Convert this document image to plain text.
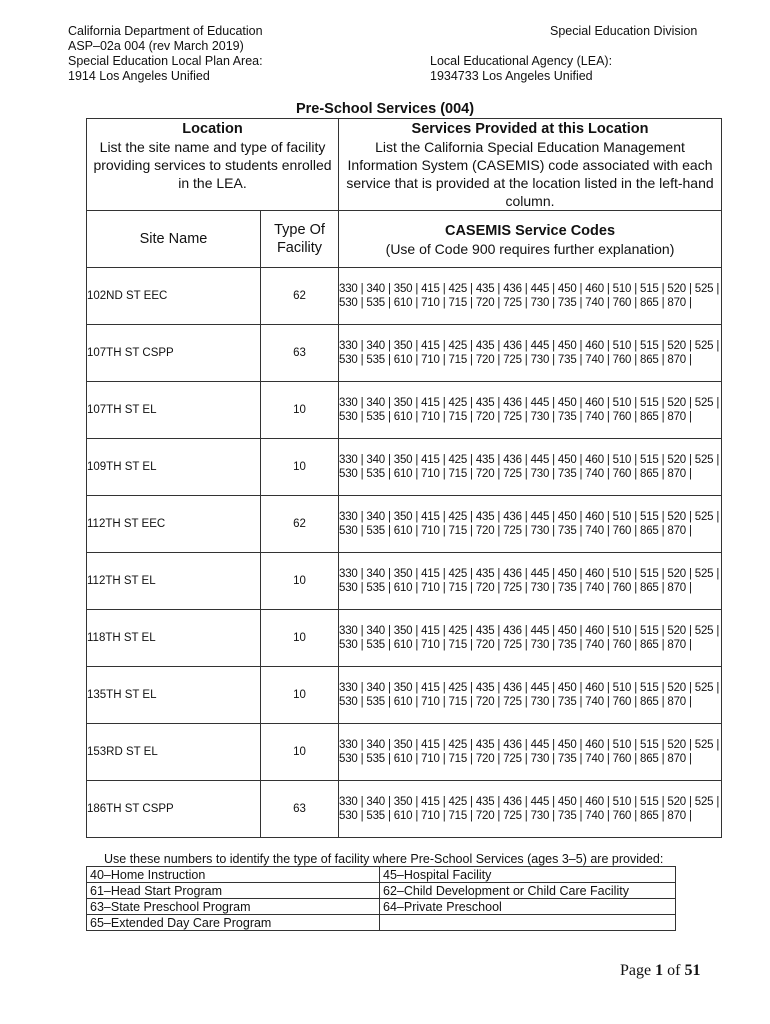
California Department of Education
ASP–02a 004 (rev March 2019)
Special Education Local Plan Area:
1914 Los Angeles Unified
Special Education Division
Local Educational Agency (LEA):
1934733 Los Angeles Unified
Pre-School Services (004)
Location
List the site name and type of facility providing services to students enrolled in the LEA.		Services Provided at this Location
List the California Special Education Management Information System (CASEMIS) code associated with each service that is provided at the location listed in the left-hand column.
Site Name	Type Of Facility	CASEMIS Service Codes
(Use of Code 900 requires further explanation)
102ND ST EEC	62	330 | 340 | 350 | 415 | 425 | 435 | 436 | 445 | 450 | 460 | 510 | 515 | 520 | 525 |
530 | 535 | 610 | 710 | 715 | 720 | 725 | 730 | 735 | 740 | 760 | 865 | 870 |

107TH ST CSPP	63	330 | 340 | 350 | 415 | 425 | 435 | 436 | 445 | 450 | 460 | 510 | 515 | 520 | 525 |
530 | 535 | 610 | 710 | 715 | 720 | 725 | 730 | 735 | 740 | 760 | 865 | 870 |

107TH ST EL	10	330 | 340 | 350 | 415 | 425 | 435 | 436 | 445 | 450 | 460 | 510 | 515 | 520 | 525 |
530 | 535 | 610 | 710 | 715 | 720 | 725 | 730 | 735 | 740 | 760 | 865 | 870 |

109TH ST EL	10	330 | 340 | 350 | 415 | 425 | 435 | 436 | 445 | 450 | 460 | 510 | 515 | 520 | 525 |
530 | 535 | 610 | 710 | 715 | 720 | 725 | 730 | 735 | 740 | 760 | 865 | 870 |

112TH ST EEC	62	330 | 340 | 350 | 415 | 425 | 435 | 436 | 445 | 450 | 460 | 510 | 515 | 520 | 525 |
530 | 535 | 610 | 710 | 715 | 720 | 725 | 730 | 735 | 740 | 760 | 865 | 870 |

112TH ST EL	10	330 | 340 | 350 | 415 | 425 | 435 | 436 | 445 | 450 | 460 | 510 | 515 | 520 | 525 |
530 | 535 | 610 | 710 | 715 | 720 | 725 | 730 | 735 | 740 | 760 | 865 | 870 |

118TH ST EL	10	330 | 340 | 350 | 415 | 425 | 435 | 436 | 445 | 450 | 460 | 510 | 515 | 520 | 525 |
530 | 535 | 610 | 710 | 715 | 720 | 725 | 730 | 735 | 740 | 760 | 865 | 870 |

135TH ST EL	10	330 | 340 | 350 | 415 | 425 | 435 | 436 | 445 | 450 | 460 | 510 | 515 | 520 | 525 |
530 | 535 | 610 | 710 | 715 | 720 | 725 | 730 | 735 | 740 | 760 | 865 | 870 |

153RD ST EL	10	330 | 340 | 350 | 415 | 425 | 435 | 436 | 445 | 450 | 460 | 510 | 515 | 520 | 525 |
530 | 535 | 610 | 710 | 715 | 720 | 725 | 730 | 735 | 740 | 760 | 865 | 870 |

186TH ST CSPP	63	330 | 340 | 350 | 415 | 425 | 435 | 436 | 445 | 450 | 460 | 510 | 515 | 520 | 525 |
530 | 535 | 610 | 710 | 715 | 720 | 725 | 730 | 735 | 740 | 760 | 865 | 870 |
Use these numbers to identify the type of facility where Pre-School Services (ages 3–5) are provided:
40–Home Instruction	45–Hospital Facility
61–Head Start Program	62–Child Development or Child Care Facility
63–State Preschool Program	64–Private Preschool
65–Extended Day Care Program	
Page 1 of 51
